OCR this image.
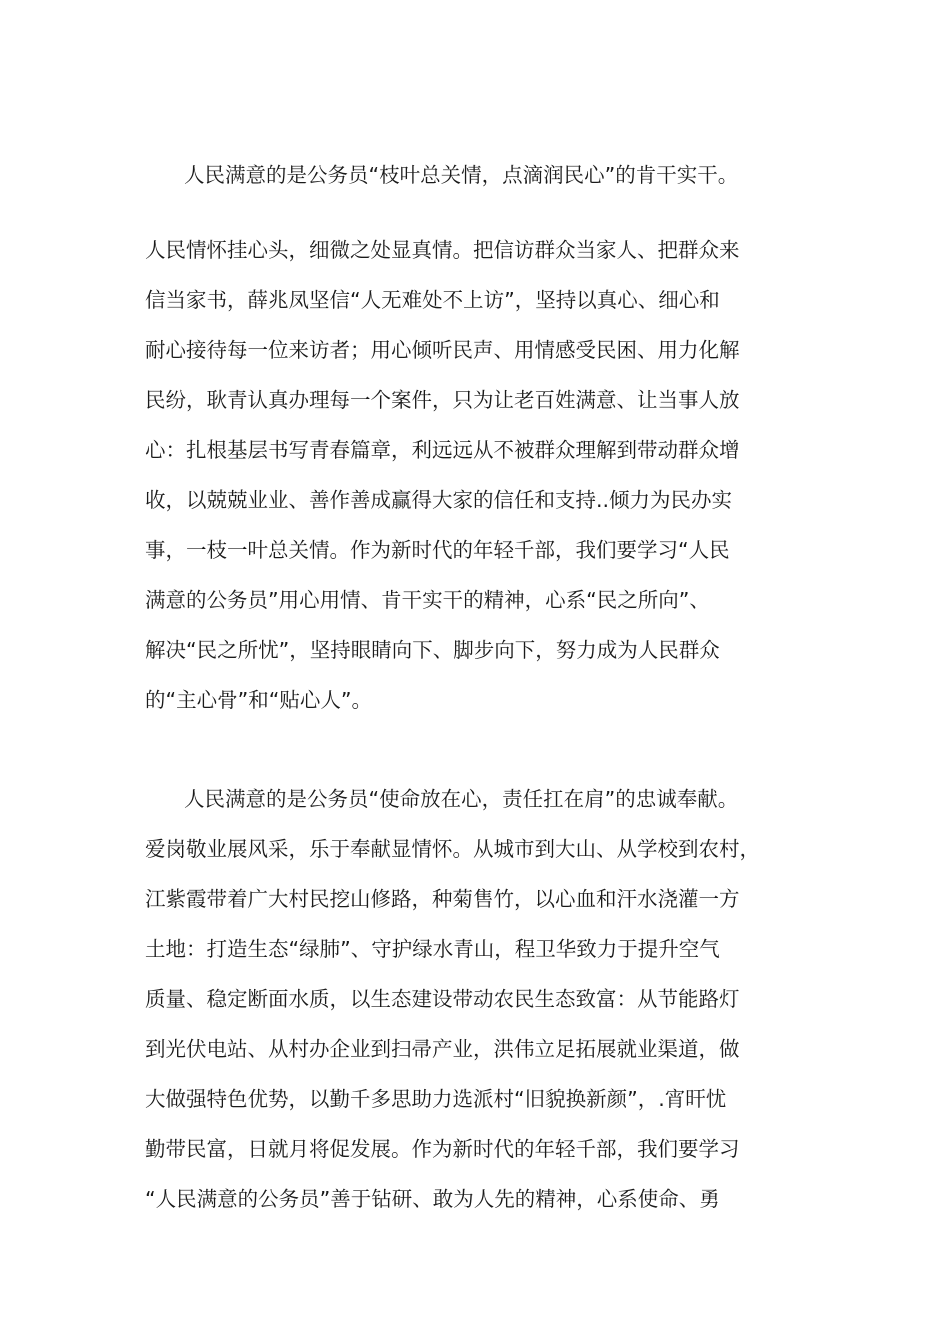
人民满意的是公务员“枝叶总关情，点滴润民心”的肯干实干。
人民情怀挂心头，细微之处显真情。把信访群众当家人、把群众来
信当家书，薛兆凤坚信“人无难处不上访”，坚持以真心、细心和
耐心接待每一位来访者；用心倾听民声、用情感受民困、用力化解
民纷，耿青认真办理每一个案件，只为让老百姓满意、让当事人放
心：扎根基层书写青春篇章，利远远从不被群众理解到带动群众增
收，以兢兢业业、善作善成赢得大家的信任和支持..倾力为民办实
事，一枝一叶总关情。作为新时代的年轻千部，我们要学习“人民
满意的公务员”用心用情、肯干实干的精神，心系“民之所向”、
解决“民之所忧”，坚持眼睛向下、脚步向下，努力成为人民群众
的“主心骨”和“贴心人”。
人民满意的是公务员“使命放在心，责任扛在肩”的忠诚奉献。
爱岗敬业展风采，乐于奉献显情怀。从城市到大山、从学校到农村，
江紫霞带着广大村民挖山修路，种菊售竹，以心血和汗水浇灌一方
土地：打造生态“绿肺”、守护绿水青山，程卫华致力于提升空气
质量、稳定断面水质，以生态建设带动农民生态致富：从节能路灯
到光伏电站、从村办企业到扫帚产业，洪伟立足拓展就业渠道，做
大做强特色优势，以勤千多思助力选派村“旧貌换新颜”，.宵旰忧
勤带民富，日就月将促发展。作为新时代的年轻千部，我们要学习
“人民满意的公务员”善于钻研、敢为人先的精神，心系使命、勇
